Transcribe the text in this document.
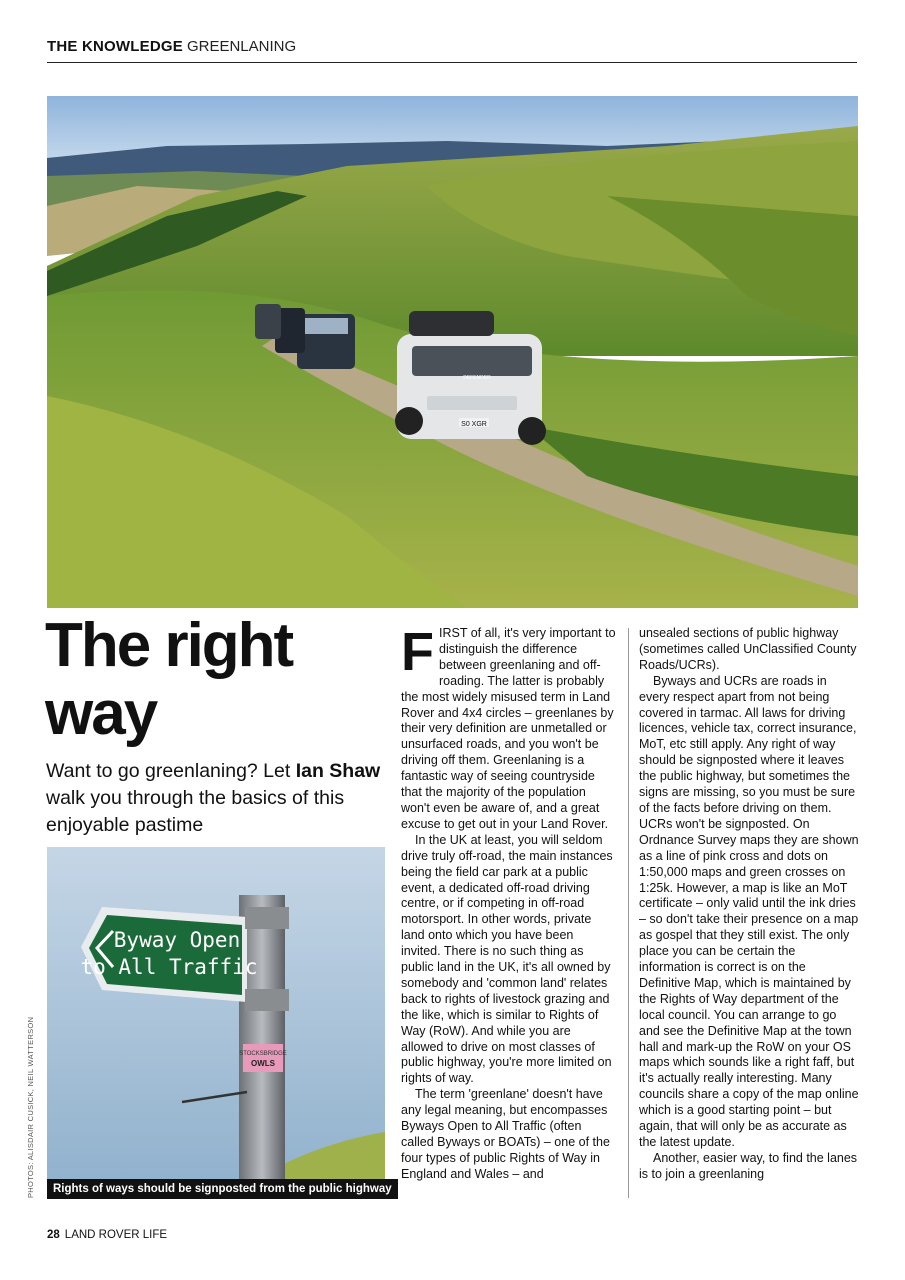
THE KNOWLEDGE GREENLANING
S0 XGR
DEFENDER
The right
way
Want to go greenlaning? Let Ian Shaw walk you through the basics of this enjoyable pastime
Byway Open
to All Traffic
STOCKSBRIDGE
OWLS
Rights of ways should be signposted from the public highway
PHOTOS: ALISDAIR CUSICK, NEIL WATTERSON

FIRST of all, it's very important to distinguish the difference between greenlaning and off-roading. The latter is probably the most widely misused term in Land Rover and 4x4 circles – greenlanes by their very definition are unmetalled or unsurfaced roads, and you won't be driving off them. Greenlaning is a fantastic way of seeing countryside that the majority of the population won't even be aware of, and a great excuse to get out in your Land Rover.

In the UK at least, you will seldom drive truly off-road, the main instances being the field car park at a public event, a dedicated off-road driving centre, or if competing in off-road motorsport. In other words, private land onto which you have been invited. There is no such thing as public land in the UK, it's all owned by somebody and 'common land' relates back to rights of livestock grazing and the like, which is similar to Rights of Way (RoW). And while you are allowed to drive on most classes of public highway, you're more limited on rights of way.

The term 'greenlane' doesn't have any legal meaning, but encompasses Byways Open to All Traffic (often called Byways or BOATs) – one of the four types of public Rights of Way in England and Wales – and

unsealed sections of public highway (sometimes called UnClassified County Roads/UCRs).

Byways and UCRs are roads in every respect apart from not being covered in tarmac. All laws for driving licences, vehicle tax, correct insurance, MoT, etc still apply. Any right of way should be signposted where it leaves the public highway, but sometimes the signs are missing, so you must be sure of the facts before driving on them. UCRs won't be signposted. On Ordnance Survey maps they are shown as a line of pink cross and dots on 1:50,000 maps and green crosses on 1:25k. However, a map is like an MoT certificate – only valid until the ink dries – so don't take their presence on a map as gospel that they still exist. The only place you can be certain the information is correct is on the Definitive Map, which is maintained by the Rights of Way department of the local council. You can arrange to go and see the Definitive Map at the town hall and mark-up the RoW on your OS maps which sounds like a right faff, but it's actually really interesting. Many councils share a copy of the map online which is a good starting point – but again, that will only be as accurate as the latest update.

Another, easier way, to find the lanes is to join a greenlaning

28 LAND ROVER LIFE
